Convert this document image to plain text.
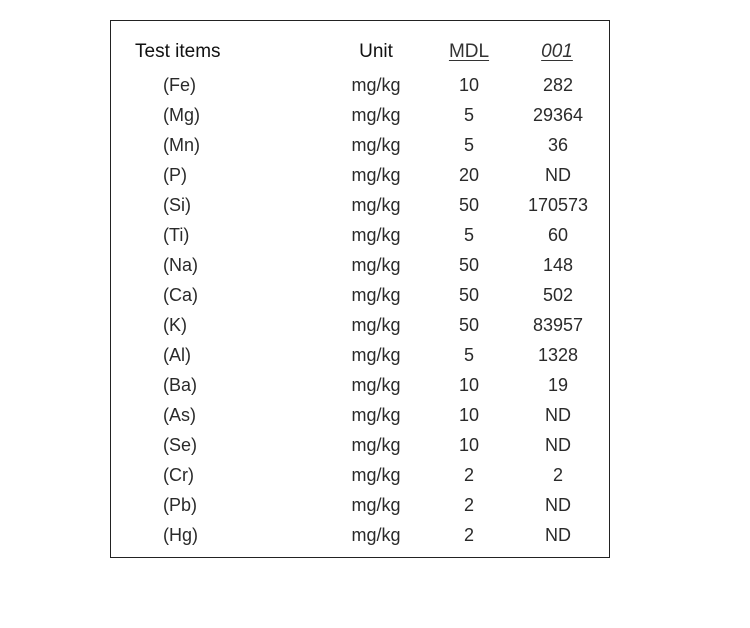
Test items	Unit	MDL	001
(Fe)	mg/kg	10	282
(Mg)	mg/kg	5	29364
(Mn)	mg/kg	5	36
(P)	mg/kg	20	ND
(Si)	mg/kg	50	170573
(Ti)	mg/kg	5	60
(Na)	mg/kg	50	148
(Ca)	mg/kg	50	502
(K)	mg/kg	50	83957
(Al)	mg/kg	5	1328
(Ba)	mg/kg	10	19
(As)	mg/kg	10	ND
(Se)	mg/kg	10	ND
(Cr)	mg/kg	2	2
(Pb)	mg/kg	2	ND
(Hg)	mg/kg	2	ND
